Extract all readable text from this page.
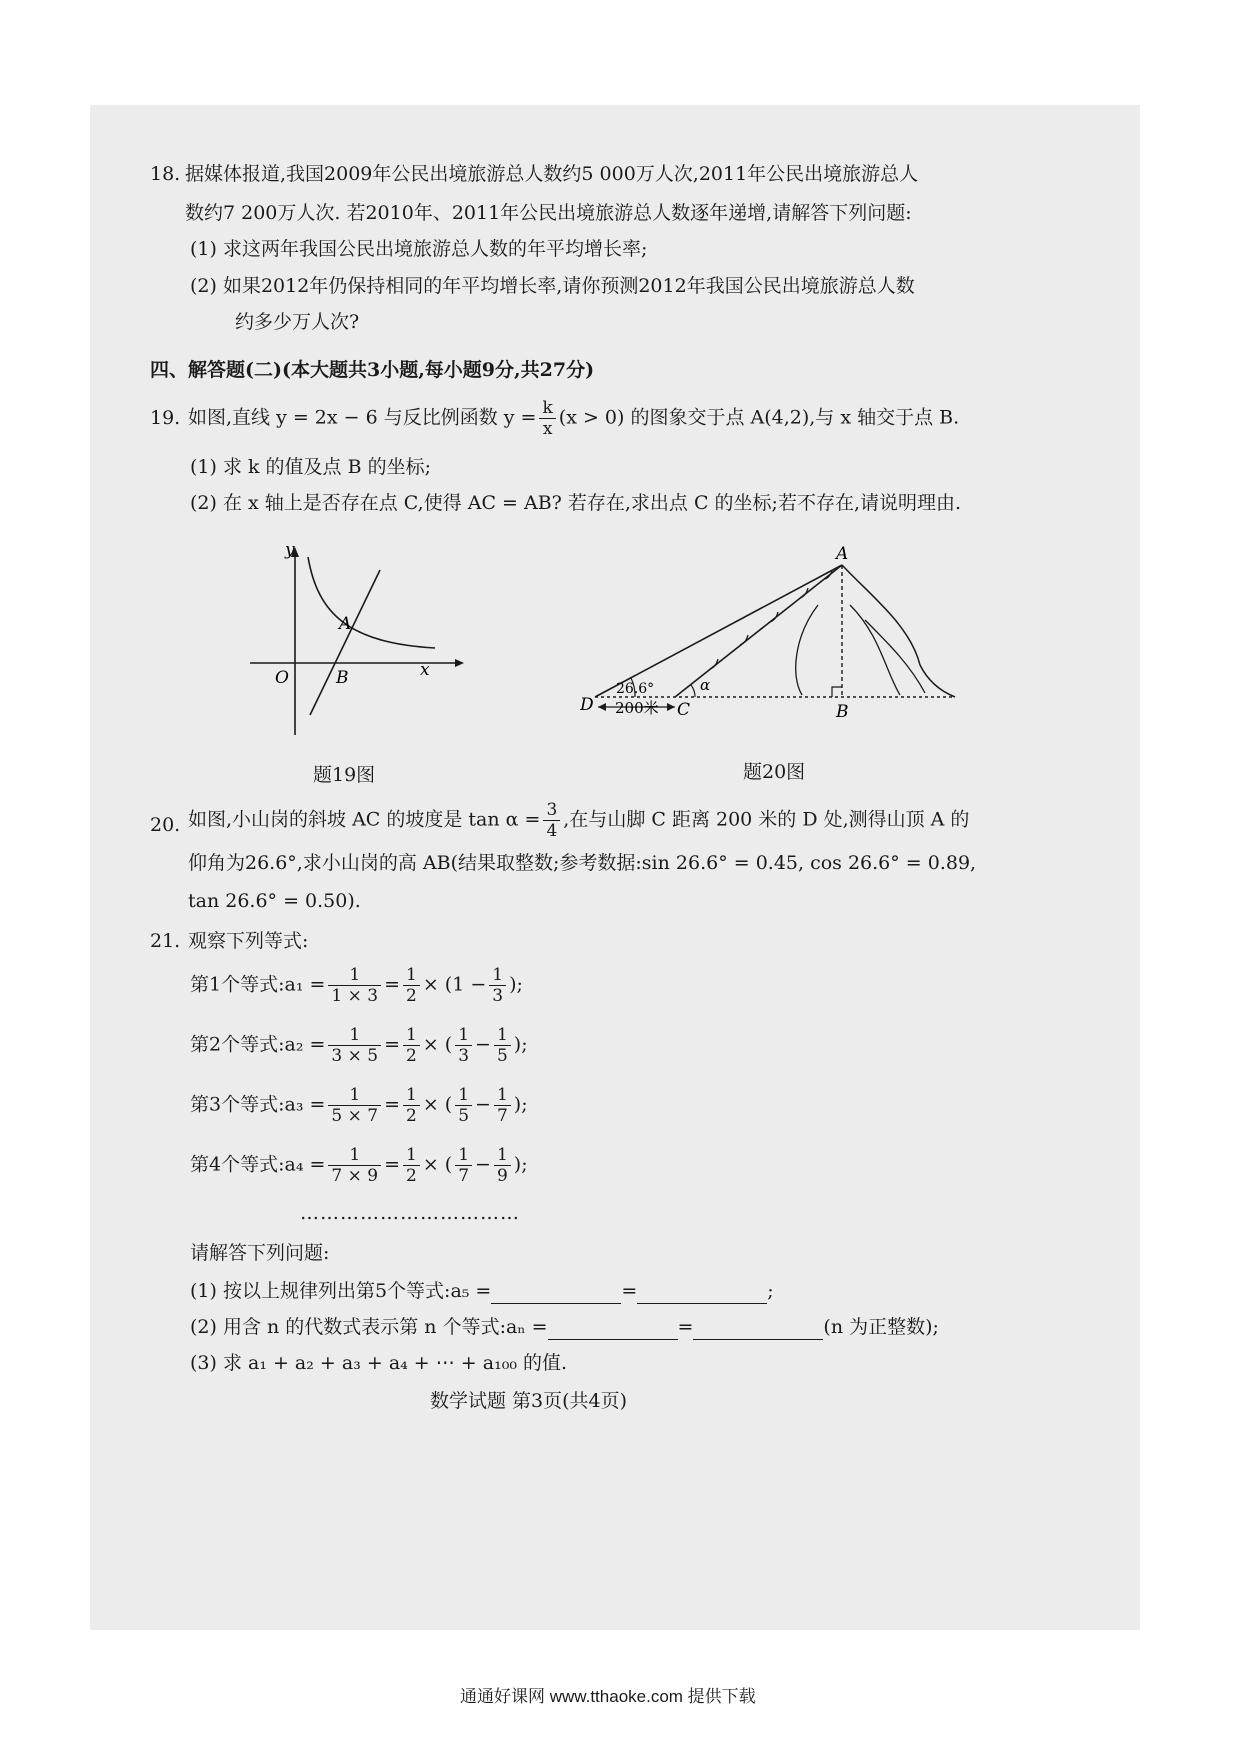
18. 据媒体报道,我国2009年公民出境旅游总人数约5 000万人次,2011年公民出境旅游总人
数约7 200万人次. 若2010年、2011年公民出境旅游总人数逐年递增,请解答下列问题:
(1) 求这两年我国公民出境旅游总人数的年平均增长率;
(2) 如果2012年仍保持相同的年平均增长率,请你预测2012年我国公民出境旅游总人数
约多少万人次?
四、解答题(二)(本大题共3小题,每小题9分,共27分)
19. 如图,直线 y = 2x − 6 与反比例函数 $y = \frac{k}{x} (x > 0)$ 的图象交于点 A(4,2),与 x 轴交于点 B.
(1) 求 k 的值及点 B 的坐标;
(2) 在 x 轴上是否存在点 C,使得 AC = AB? 若存在,求出点 C 的坐标;若不存在,请说明理由.
y
x
O
A
B
题19图
A
B
C
D
26.6°	α
200米
题20图
20. 如图,小山岗的斜坡 AC 的坡度是 $\tan \alpha = \frac{3}{4}$ ,在与山脚 C 距离 200 米的 D 处,测得山顶 A 的
仰角为26.6°,求小山岗的高 AB(结果取整数;参考数据:sin 26.6° = 0.45, cos 26.6° = 0.89,
tan 26.6° = 0.50).
21. 观察下列等式:
第1个等式:a₁ = $\frac{1}{1 \times 3} = \frac{1}{2} \times (1 - \frac{1}{3}$ );
第2个等式:a₂ = $\frac{1}{3 \times 5} = \frac{1}{2}$ × ( $\frac{1}{3} - \frac{1}{5}$ );
第3个等式:a₃ = $\frac{1}{5 \times 7} = \frac{1}{2}$ × ( $\frac{1}{5} - \frac{1}{7}$ );
第4个等式:a₄ = $\frac{1}{7 \times 9} = \frac{1}{2}$ × ( $\frac{1}{7} - \frac{1}{9}$ );
……………………………
请解答下列问题:
(1) 按以上规律列出第5个等式:a₅ =	=	;
(2) 用含 n 的代数式表示第 n 个等式:aₙ =	=	(n 为正整数);
(3) 求 a₁ + a₂ + a₃ + a₄ + ⋯ + a₁₀₀ 的值.
数学试题 第3页(共4页)
通通好课网 www.tthaoke.com 提供下载
